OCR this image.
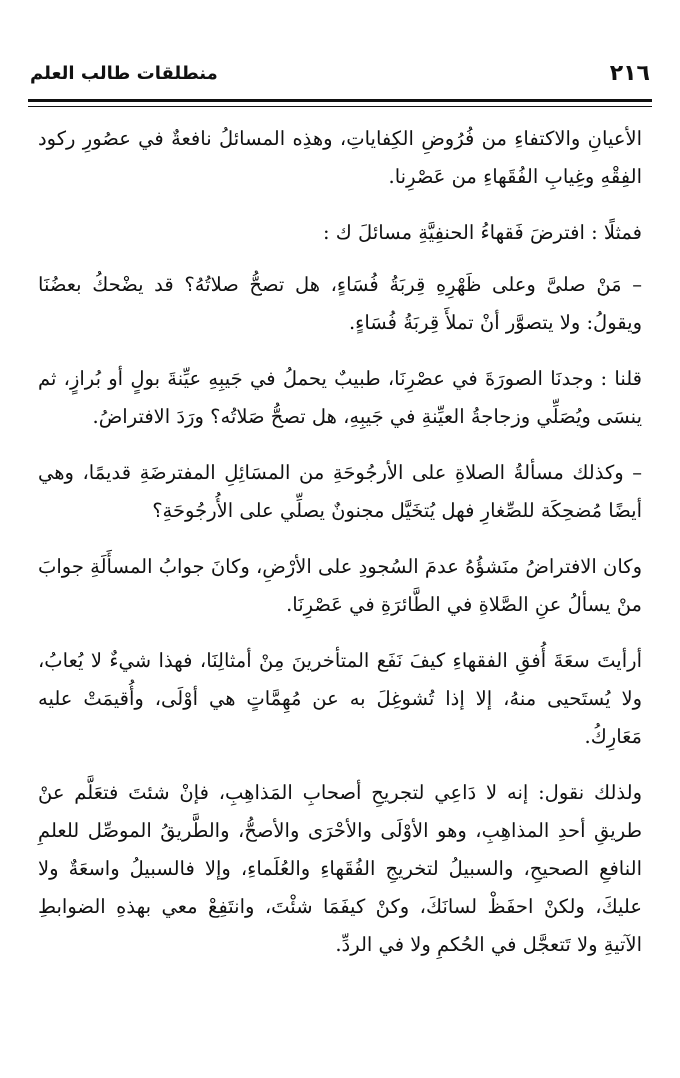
٢١٦
منطلقات طالب العلم

الأعيانِ والاكتفاءِ من فُرُوضِ الكِفاياتِ، وهذِه المسائلُ نافعةٌ في عصُورِ ركود الفِقْهِ وغِيابِ الفُقَهاءِ من عَصْرِنا.

فمثلًا : افترضَ فَقهاءُ الحنفِيَّةِ مسائلَ ك :

– مَنْ صلىَّ وعلى ظَهْرِهِ قِربَةُ فُسَاءٍ، هل تصحُّ صلاتُهُ؟ قد يضْحكُ بعضُنَا ويقولُ: ولا يتصوَّر أنْ تملأَ قِربَةُ فُسَاءٍ.

قلنا : وجدنَا الصورَةَ في عصْرِنَا، طبيبٌ يحملُ في جَيبِهِ عيِّنةَ بولٍ أو بُرازٍ، ثم ينسَى ويُصَلِّي وزجاجةُ العيِّنةِ في جَيبِهِ، هل تصحُّ صَلاتُه؟ ورَدَ الافتراضُ.

– وكذلك مسألةُ الصلاةِ على الأرجُوحَةِ من المسَائِلِ المفترضَةِ قديمًا، وهي أيضًا مُضحِكَة للصِّغارِ فهل يُتخَيَّل مجنونٌ يصلِّي على الأُرجُوحَةِ؟

وكان الافتراضُ منَشؤُهُ عدمَ السُجودِ على الأرْضِ، وكانَ جوابُ المسأَلَةِ جوابَ منْ يسألُ عنِ الصَّلاةِ في الطَّائرَةِ في عَصْرِنَا.

أرأيتَ سعَةَ أُفقِ الفقهاءِ كيفَ نَفَع المتأخرينَ مِنْ أمثالِنَا، فهذا شيءٌ لا يُعابُ، ولا يُستَحيى منهُ، إلا إذا تُشوغِلَ به عن مُهِمَّاتٍ هي أوْلَى، وأُقيمَتْ عليه مَعَارِكُ.

ولذلك نقول: إنه لا دَاعِي لتجريحِ أصحابِ المَذاهِبِ، فإنْ شئتَ فتعَلَّم عنْ طريقِ أحدِ المذاهِبِ، وهو الأوْلَى والأحْرَى والأصحُّ، والطَّريقُ الموصِّل للعلمِ النافعِ الصحيحِ، والسبيلُ لتخريجِ الفُقَهاءِ والعُلَماءِ، وإلا فالسبيلُ واسعَةٌ ولا عليكَ، ولكنْ احفَظْ لسانَكَ، وكنْ كيفَمَا شئْتَ، وانتَفِعْ معي بهذهِ الضوابطِ الآتيةِ ولا تَتعجَّل في الحُكمِ ولا في الردِّ.
